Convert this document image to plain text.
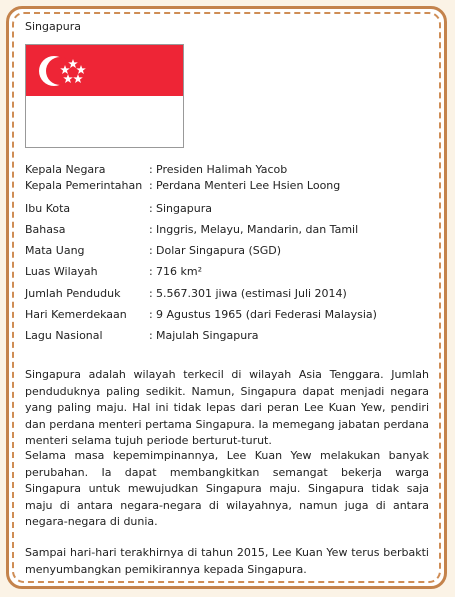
Singapura
Kepala Negara	: Presiden Halimah Yacob
Kepala Pemerintahan : Perdana Menteri Lee Hsien Loong
Ibu Kota	: Singapura
Bahasa	: Inggris, Melayu, Mandarin, dan Tamil
Mata Uang	: Dolar Singapura (SGD)
Luas Wilayah	: 716 km²
Jumlah Penduduk	: 5.567.301 jiwa (estimasi Juli 2014)
Hari Kemerdekaan	: 9 Agustus 1965 (dari Federasi Malaysia)
Lagu Nasional	: Majulah Singapura

Singapura adalah wilayah terkecil di wilayah Asia Tenggara. Jumlah penduduknya paling sedikit. Namun, Singapura dapat menjadi negara yang paling maju. Hal ini tidak lepas dari peran Lee Kuan Yew, pendiri dan perdana menteri pertama Singapura. Ia memegang jabatan perdana menteri selama tujuh periode berturut-turut.

Selama masa kepemimpinannya, Lee Kuan Yew melakukan banyak perubahan. Ia dapat membangkitkan semangat bekerja warga Singapura untuk mewujudkan Singapura maju. Singapura tidak saja maju di antara negara-negara di wilayahnya, namun juga di antara negara-negara di dunia.

Sampai hari-hari terakhirnya di tahun 2015, Lee Kuan Yew terus berbakti menyumbangkan pemikirannya kepada Singapura.
